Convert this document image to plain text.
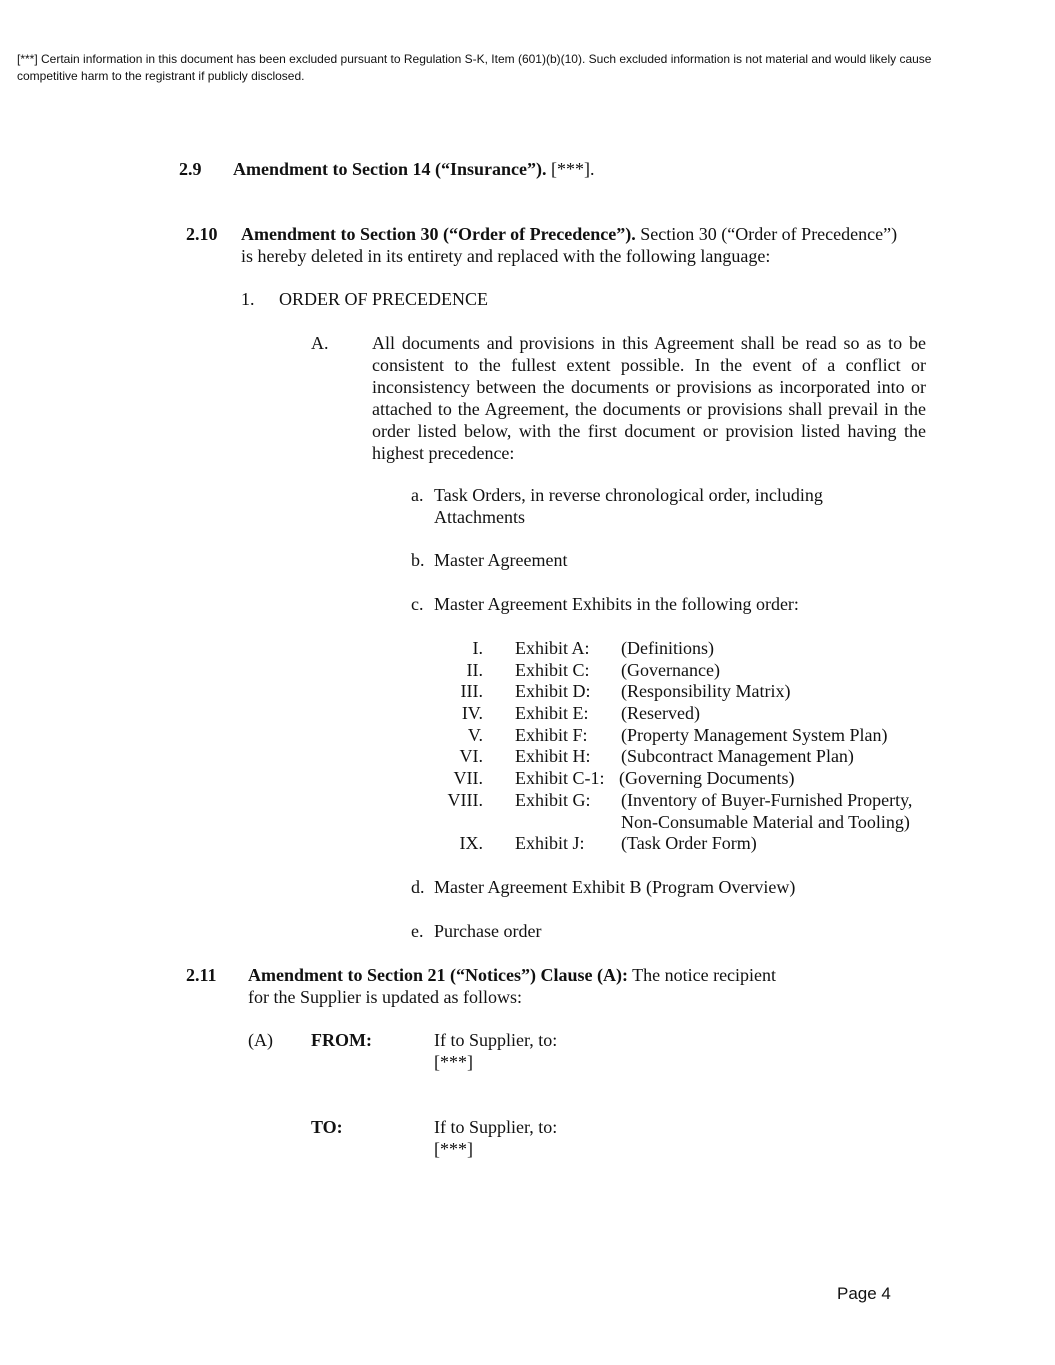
[***] Certain information in this document has been excluded pursuant to Regulation S-K, Item (601)(b)(10). Such excluded information is not material and would likely cause competitive harm to the registrant if publicly disclosed.
2.9 Amendment to Section 14 (“Insurance”). [***].
2.10 Amendment to Section 30 (“Order of Precedence”). Section 30 (“Order of Precedence”)
is hereby deleted in its entirety and replaced with the following language:
1. ORDER OF PRECEDENCE
A. All documents and provisions in this Agreement shall be read so as to be consistent to the fullest extent possible. In the event of a conflict or inconsistency between the documents or provisions as incorporated into or attached to the Agreement, the documents or provisions shall prevail in the order listed below, with the first document or provision listed having the highest precedence:
a. Task Orders, in reverse chronological order, including
Attachments
b. Master Agreement
c. Master Agreement Exhibits in the following order:
I. Exhibit A: (Definitions)
II. Exhibit C: (Governance)
III. Exhibit D: (Responsibility Matrix)
IV. Exhibit E: (Reserved)
V. Exhibit F: (Property Management System Plan)
VI. Exhibit H: (Subcontract Management Plan)
VII. Exhibit C-1: (Governing Documents)
VIII. Exhibit G: (Inventory of Buyer-Furnished Property,
Non-Consumable Material and Tooling)
IX. Exhibit J: (Task Order Form)
d. Master Agreement Exhibit B (Program Overview)
e. Purchase order
2.11 Amendment to Section 21 (“Notices”) Clause (A): The notice recipient
for the Supplier is updated as follows:
(A) FROM:	If to Supplier, to:
[***]
TO:	If to Supplier, to:
[***]
Page 4
